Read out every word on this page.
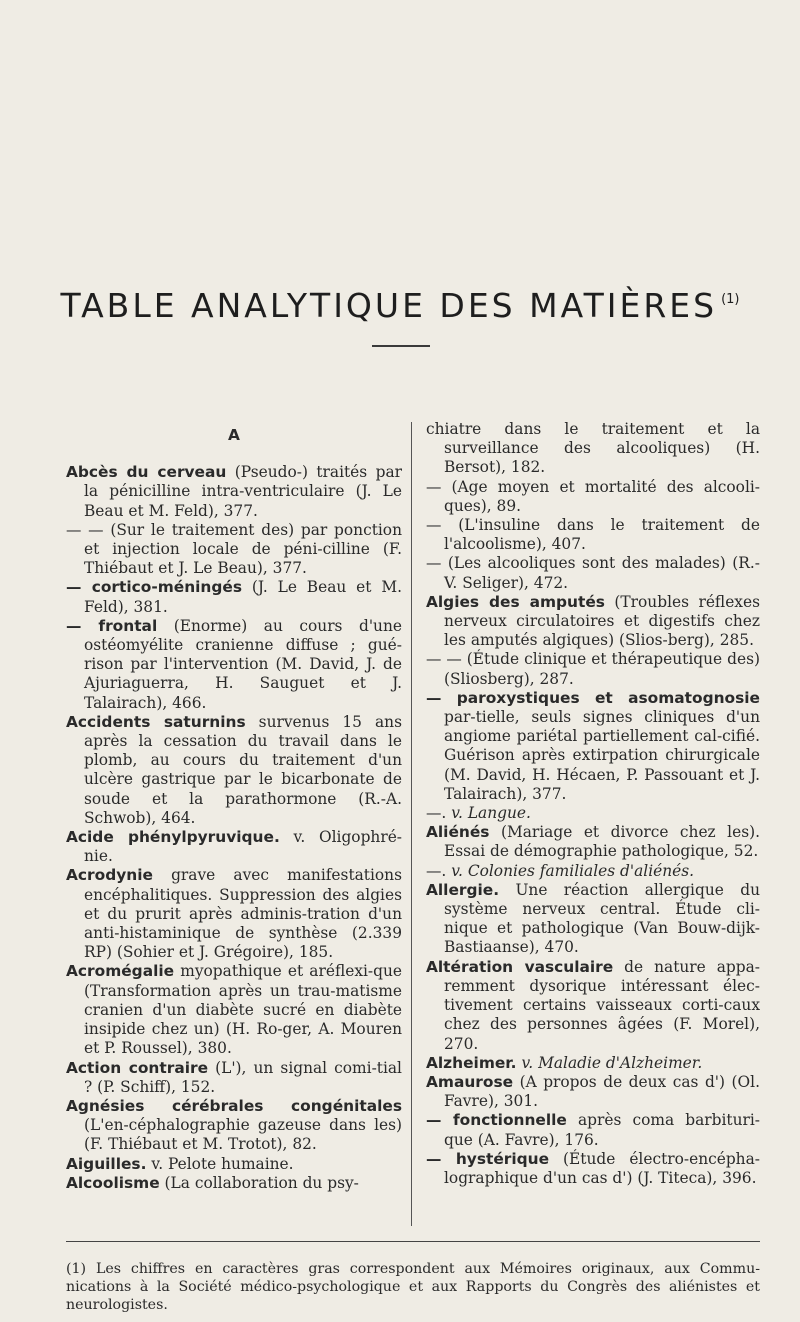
TABLE ANALYTIQUE DES MATIÈRES $^{(1)}$
A

Abcès du cerveau (Pseudo-) traités par la pénicilline intra-ventriculaire (J. Le Beau et M. Feld), 377.

— — (Sur le traitement des) par ponction et injection locale de péni-cilline (F. Thiébaut et J. Le Beau), 377.

— cortico-méningés (J. Le Beau et M. Feld), 381.

— frontal (Enorme) au cours d'une ostéomyélite cranienne diffuse ; gué-rison par l'intervention (M. David, J. de Ajuriaguerra, H. Sauguet et J. Talairach), 466.

Accidents saturnins survenus 15 ans après la cessation du travail dans le plomb, au cours du traitement d'un ulcère gastrique par le bicarbonate de soude et la parathormone (R.-A. Schwob), 464.

Acide phénylpyruvique. v. Oligophré-nie.

Acrodynie grave avec manifestations encéphalitiques. Suppression des algies et du prurit après adminis-tration d'un anti-histaminique de synthèse (2.339 RP) (Sohier et J. Grégoire), 185.

Acromégalie myopathique et aréflexi-que (Transformation après un trau-matisme cranien d'un diabète sucré en diabète insipide chez un) (H. Ro-ger, A. Mouren et P. Roussel), 380.

Action contraire (L'), un signal comi-tial ? (P. Schiff), 152.

Agnésies cérébrales congénitales (L'en-céphalographie gazeuse dans les) (F. Thiébaut et M. Trotot), 82.

Aiguilles. v. Pelote humaine.

Alcoolisme (La collaboration du psy-

chiatre dans le traitement et la surveillance des alcooliques) (H. Bersot), 182.

— (Age moyen et mortalité des alcooli-ques), 89.

— (L'insuline dans le traitement de l'alcoolisme), 407.

— (Les alcooliques sont des malades) (R.-V. Seliger), 472.

Algies des amputés (Troubles réflexes nerveux circulatoires et digestifs chez les amputés algiques) (Slios-berg), 285.

— — (Étude clinique et thérapeutique des) (Sliosberg), 287.

— paroxystiques et asomatognosie par-tielle, seuls signes cliniques d'un angiome pariétal partiellement cal-cifié. Guérison après extirpation chirurgicale (M. David, H. Hécaen, P. Passouant et J. Talairach), 377.

—. v. Langue.

Aliénés (Mariage et divorce chez les). Essai de démographie pathologique, 52.

—. v. Colonies familiales d'aliénés.

Allergie. Une réaction allergique du système nerveux central. Étude cli-nique et pathologique (Van Bouw-dijk-Bastiaanse), 470.

Altération vasculaire de nature appa-remment dysorique intéressant élec-tivement certains vaisseaux corti-caux chez des personnes âgées (F. Morel), 270.

Alzheimer. v. Maladie d'Alzheimer.

Amaurose (A propos de deux cas d') (Ol. Favre), 301.

— fonctionnelle après coma barbituri-que (A. Favre), 176.

— hystérique (Étude électro-encépha-lographique d'un cas d') (J. Titeca), 396.

(1) Les chiffres en caractères gras correspondent aux Mémoires originaux, aux Commu-nications à la Société médico-psychologique et aux Rapports du Congrès des aliénistes et neurologistes.
